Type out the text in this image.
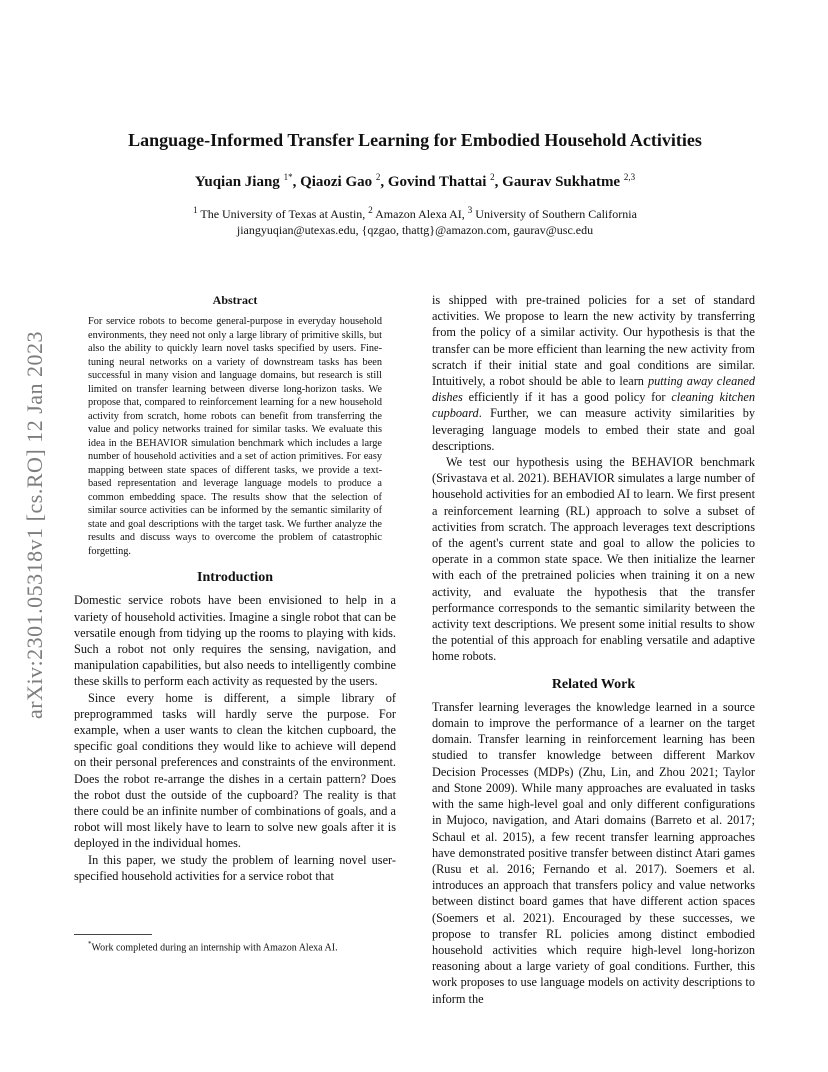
arXiv:2301.05318v1 [cs.RO] 12 Jan 2023
Language-Informed Transfer Learning for Embodied Household Activities

Yuqian Jiang $^{1*}$, Qiaozi Gao $^2$, Govind Thattai $^2$, Gaurav Sukhatme $^{2,3}$

$^1$ The University of Texas at Austin, $^2$ Amazon Alexa AI, $^3$ University of Southern California
jiangyuqian@utexas.edu, {qzgao, thattg}@amazon.com, gaurav@usc.edu

Abstract

For service robots to become general-purpose in everyday household environments, they need not only a large library of primitive skills, but also the ability to quickly learn novel tasks specified by users. Fine-tuning neural networks on a variety of downstream tasks has been successful in many vision and language domains, but research is still limited on transfer learning between diverse long-horizon tasks. We propose that, compared to reinforcement learning for a new household activity from scratch, home robots can benefit from transferring the value and policy networks trained for similar tasks. We evaluate this idea in the BEHAVIOR simulation benchmark which includes a large number of household activities and a set of action primitives. For easy mapping between state spaces of different tasks, we provide a text-based representation and leverage language models to produce a common embedding space. The results show that the selection of similar source activities can be informed by the semantic similarity of state and goal descriptions with the target task. We further analyze the results and discuss ways to overcome the problem of catastrophic forgetting.

Introduction

Domestic service robots have been envisioned to help in a variety of household activities. Imagine a single robot that can be versatile enough from tidying up the rooms to playing with kids. Such a robot not only requires the sensing, navigation, and manipulation capabilities, but also needs to intelligently combine these skills to perform each activity as requested by the users.

Since every home is different, a simple library of preprogrammed tasks will hardly serve the purpose. For example, when a user wants to clean the kitchen cupboard, the specific goal conditions they would like to achieve will depend on their personal preferences and constraints of the environment. Does the robot re-arrange the dishes in a certain pattern? Does the robot dust the outside of the cupboard? The reality is that there could be an infinite number of combinations of goals, and a robot will most likely have to learn to solve new goals after it is deployed in the individual homes.

In this paper, we study the problem of learning novel user-specified household activities for a service robot that

*Work completed during an internship with Amazon Alexa AI.

is shipped with pre-trained policies for a set of standard activities. We propose to learn the new activity by transferring from the policy of a similar activity. Our hypothesis is that the transfer can be more efficient than learning the new activity from scratch if their initial state and goal conditions are similar. Intuitively, a robot should be able to learn putting away cleaned dishes efficiently if it has a good policy for cleaning kitchen cupboard. Further, we can measure activity similarities by leveraging language models to embed their state and goal descriptions.

We test our hypothesis using the BEHAVIOR benchmark (Srivastava et al. 2021). BEHAVIOR simulates a large number of household activities for an embodied AI to learn. We first present a reinforcement learning (RL) approach to solve a subset of activities from scratch. The approach leverages text descriptions of the agent's current state and goal to allow the policies to operate in a common state space. We then initialize the learner with each of the pretrained policies when training it on a new activity, and evaluate the hypothesis that the transfer performance corresponds to the semantic similarity between the activity text descriptions. We present some initial results to show the potential of this approach for enabling versatile and adaptive home robots.

Related Work

Transfer learning leverages the knowledge learned in a source domain to improve the performance of a learner on the target domain. Transfer learning in reinforcement learning has been studied to transfer knowledge between different Markov Decision Processes (MDPs) (Zhu, Lin, and Zhou 2021; Taylor and Stone 2009). While many approaches are evaluated in tasks with the same high-level goal and only different configurations in Mujoco, navigation, and Atari domains (Barreto et al. 2017; Schaul et al. 2015), a few recent transfer learning approaches have demonstrated positive transfer between distinct Atari games (Rusu et al. 2016; Fernando et al. 2017). Soemers et al. introduces an approach that transfers policy and value networks between distinct board games that have different action spaces (Soemers et al. 2021). Encouraged by these successes, we propose to transfer RL policies among distinct embodied household activities which require high-level long-horizon reasoning about a large variety of goal conditions. Further, this work proposes to use language models on activity descriptions to inform the
